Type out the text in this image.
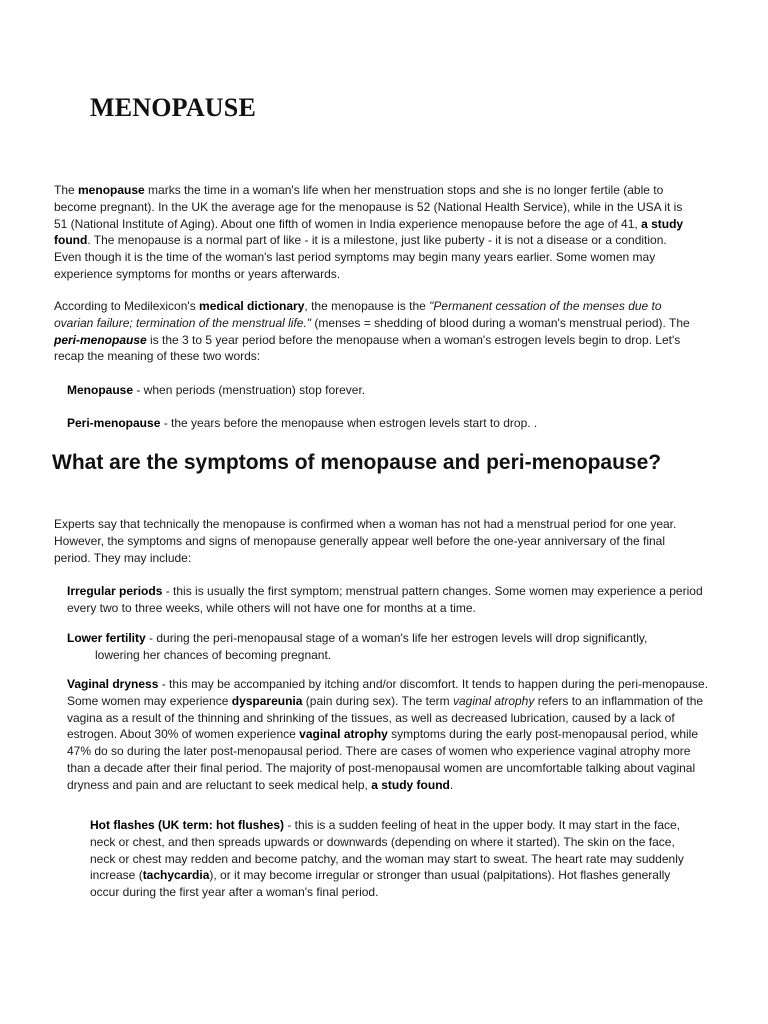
MENOPAUSE

The menopause marks the time in a woman's life when her menstruation stops and she is no longer fertile (able to become pregnant). In the UK the average age for the menopause is 52 (National Health Service), while in the USA it is 51 (National Institute of Aging). About one fifth of women in India experience menopause before the age of 41, a study found. The menopause is a normal part of like - it is a milestone, just like puberty - it is not a disease or a condition. Even though it is the time of the woman's last period symptoms may begin many years earlier. Some women may experience symptoms for months or years afterwards.

According to Medilexicon's medical dictionary, the menopause is the "Permanent cessation of the menses due to ovarian failure; termination of the menstrual life." (menses = shedding of blood during a woman's menstrual period). The peri-menopause is the 3 to 5 year period before the menopause when a woman's estrogen levels begin to drop. Let's recap the meaning of these two words:

Menopause - when periods (menstruation) stop forever.

Peri-menopause - the years before the menopause when estrogen levels start to drop. .

What are the symptoms of menopause and peri-menopause?

Experts say that technically the menopause is confirmed when a woman has not had a menstrual period for one year. However, the symptoms and signs of menopause generally appear well before the one-year anniversary of the final period. They may include:

Irregular periods - this is usually the first symptom; menstrual pattern changes. Some women may experience a period every two to three weeks, while others will not have one for months at a time.

Lower fertility - during the peri-menopausal stage of a woman's life her estrogen levels will drop significantly,
lowering her chances of becoming pregnant.

Vaginal dryness - this may be accompanied by itching and/or discomfort. It tends to happen during the peri-menopause. Some women may experience dyspareunia (pain during sex). The term vaginal atrophy refers to an inflammation of the vagina as a result of the thinning and shrinking of the tissues, as well as decreased lubrication, caused by a lack of estrogen. About 30% of women experience vaginal atrophy symptoms during the early post-menopausal period, while 47% do so during the later post-menopausal period. There are cases of women who experience vaginal atrophy more than a decade after their final period. The majority of post-menopausal women are uncomfortable talking about vaginal dryness and pain and are reluctant to seek medical help, a study found.

Hot flashes (UK term: hot flushes) - this is a sudden feeling of heat in the upper body. It may start in the face, neck or chest, and then spreads upwards or downwards (depending on where it started). The skin on the face, neck or chest may redden and become patchy, and the woman may start to sweat. The heart rate may suddenly increase (tachycardia), or it may become irregular or stronger than usual (palpitations). Hot flashes generally occur during the first year after a woman's final period.
